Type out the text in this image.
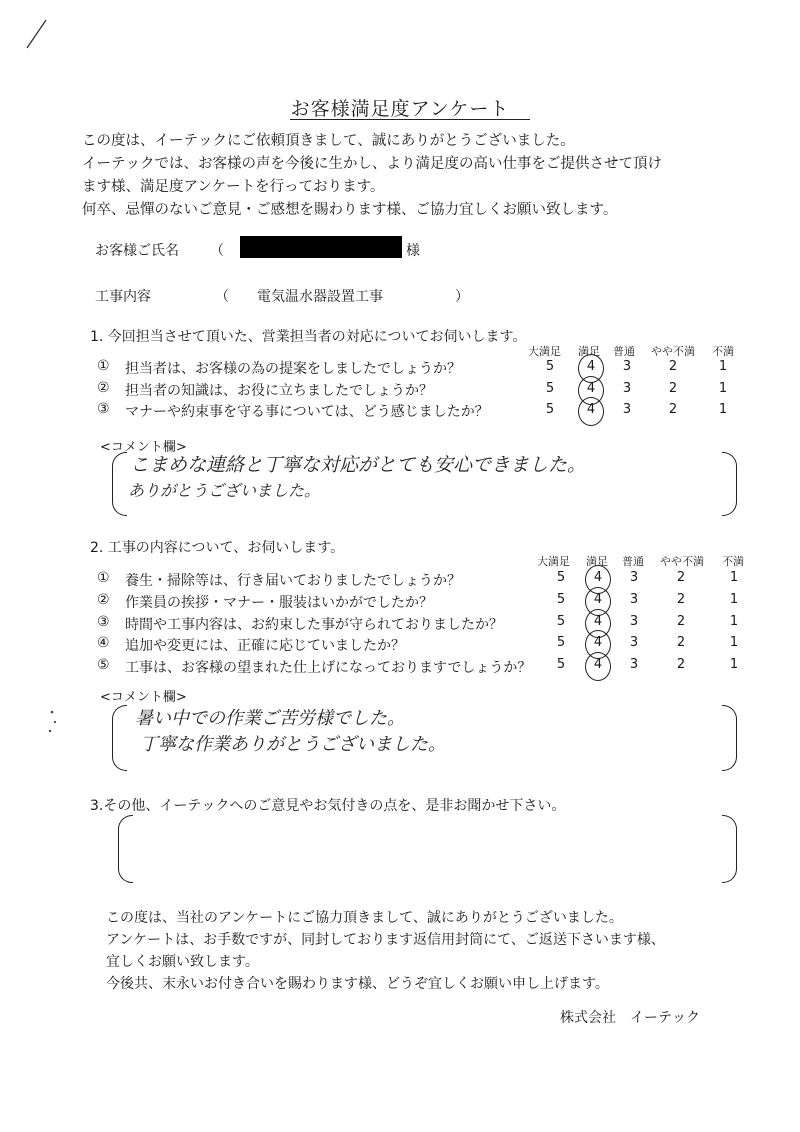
お客様満足度アンケート
この度は、イーテックにご依頼頂きまして、誠にありがとうございました。
イーテックでは、お客様の声を今後に生かし、より満足度の高い仕事をご提供させて頂け
ます様、満足度アンケートを行っております。
何卒、忌憚のないご意見・ご感想を賜わります様、ご協力宜しくお願い致します。
お客様ご氏名 （	様
工事内容	（ 電気温水器設置工事	）
1. 今回担当させて頂いた、営業担当者の対応についてお伺いします。
大満足 満足 普通 やや不満 不満
① 担当者は、お客様の為の提案をしましたでしょうか？	5	4	3	2	1
② 担当者の知識は、お役に立ちましたでしょうか？	5	4	3	2	1
③ マナーや約束事を守る事については、どう感じましたか？	5	4	3	2	1
<コメント欄>
こまめな連絡と丁寧な対応がとても安心できました。
ありがとうございました。
2. 工事の内容について、お伺いします。
大満足 満足 普通 やや不満 不満
① 養生・掃除等は、行き届いておりましたでしょうか？	5	4	3	2	1
② 作業員の挨拶・マナー・服装はいかがでしたか？	5	4	3	2	1
③ 時間や工事内容は、お約束した事が守られておりましたか？	5	4	3	2	1
④ 追加や変更には、正確に応じていましたか？	5	4	3	2	1
⑤ 工事は、お客様の望まれた仕上げになっておりますでしょうか？	5	4	3	2	1
<コメント欄>
暑い中での作業ご苦労様でした。
丁寧な作業ありがとうございました。
3.その他、イーテックへのご意見やお気付きの点を、是非お聞かせ下さい。
この度は、当社のアンケートにご協力頂きまして、誠にありがとうございました。
アンケートは、お手数ですが、同封しております返信用封筒にて、ご返送下さいます様、
宜しくお願い致します。
今後共、末永いお付き合いを賜わります様、どうぞ宜しくお願い申し上げます。
株式会社　イーテック
